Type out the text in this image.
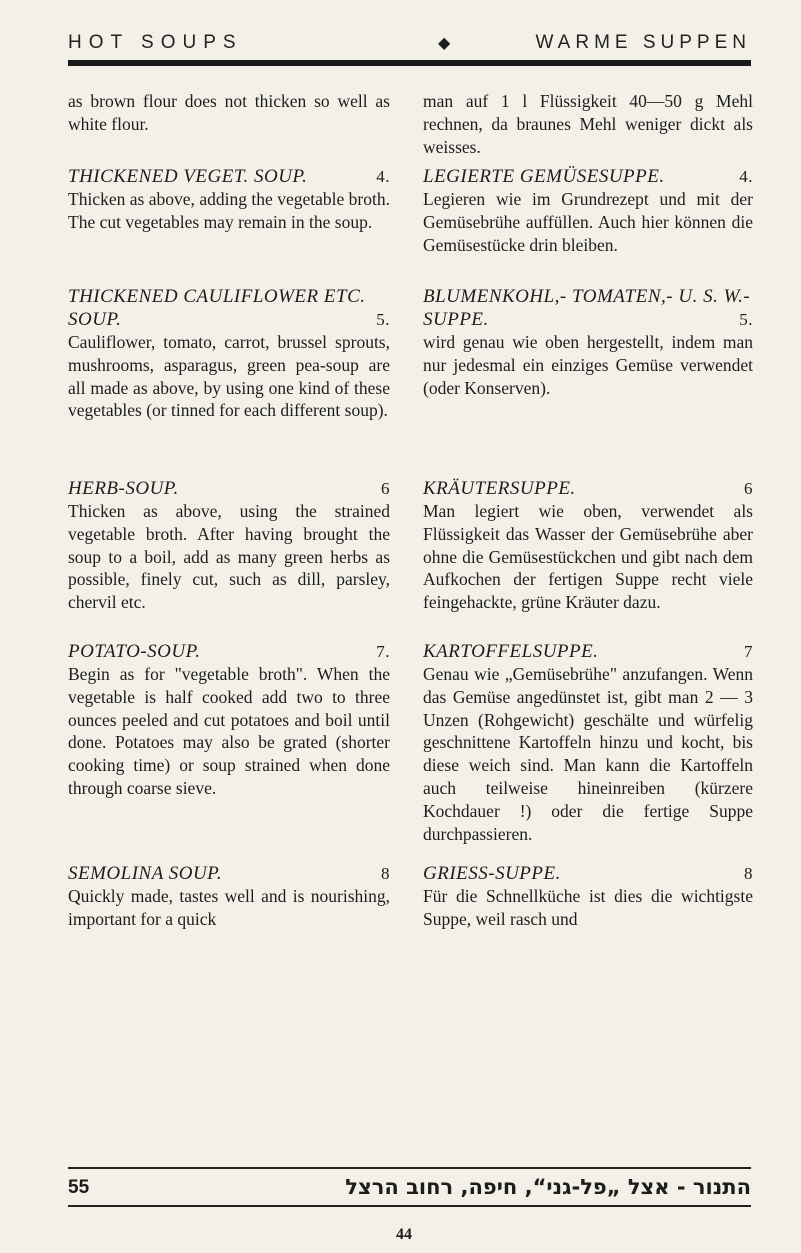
HOT SOUPS	◆	WARME SUPPEN

as brown flour does not thicken so well as white flour.

THICKENED VEGET. SOUP.	4.

Thicken as above, adding the vegetable broth. The cut vegetables may remain in the soup.

THICKENED CAULIFLOWER ETC. SOUP.	5.

Cauliflower, tomato, carrot, brussel sprouts, mushrooms, asparagus, green pea-soup are all made as above, by using one kind of these vegetables (or tinned for each different soup).

HERB-SOUP.	6

Thicken as above, using the strained vegetable broth. After having brought the soup to a boil, add as many green herbs as possible, finely cut, such as dill, parsley, chervil etc.

POTATO-SOUP.	7.

Begin as for "vegetable broth". When the vegetable is half cooked add two to three ounces peeled and cut potatoes and boil until done. Potatoes may also be grated (shorter cooking time) or soup strained when done through coarse sieve.

SEMOLINA SOUP.	8

Quickly made, tastes well and is nourishing, important for a quick

man auf 1 l Flüssigkeit 40—50 g Mehl rechnen, da braunes Mehl weniger dickt als weisses.

LEGIERTE GEMÜSESUPPE.	4.

Legieren wie im Grundrezept und mit der Gemüsebrühe auffüllen. Auch hier können die Gemüsestücke drin bleiben.

BLUMENKOHL,- TOMATEN,- U. S. W.-SUPPE.	5.

wird genau wie oben hergestellt, indem man nur jedesmal ein einziges Gemüse verwendet (oder Konserven).

KRÄUTERSUPPE.	6

Man legiert wie oben, verwendet als Flüssigkeit das Wasser der Gemüsebrühe aber ohne die Gemüsestückchen und gibt nach dem Aufkochen der fertigen Suppe recht viele feingehackte, grüne Kräuter dazu.

KARTOFFELSUPPE.	7

Genau wie „Gemüsebrühe" anzufangen. Wenn das Gemüse angedünstet ist, gibt man 2 — 3 Unzen (Rohgewicht) geschälte und würfelig geschnittene Kartoffeln hinzu und kocht, bis diese weich sind. Man kann die Kartoffeln auch teilweise hineinreiben (kürzere Kochdauer !) oder die fertige Suppe durchpassieren.

GRIESS-SUPPE.	8

Für die Schnellküche ist dies die wichtigste Suppe, weil rasch und

55	התנור - אצל „פל-גני“, חיפה, רחוב הרצל
44
